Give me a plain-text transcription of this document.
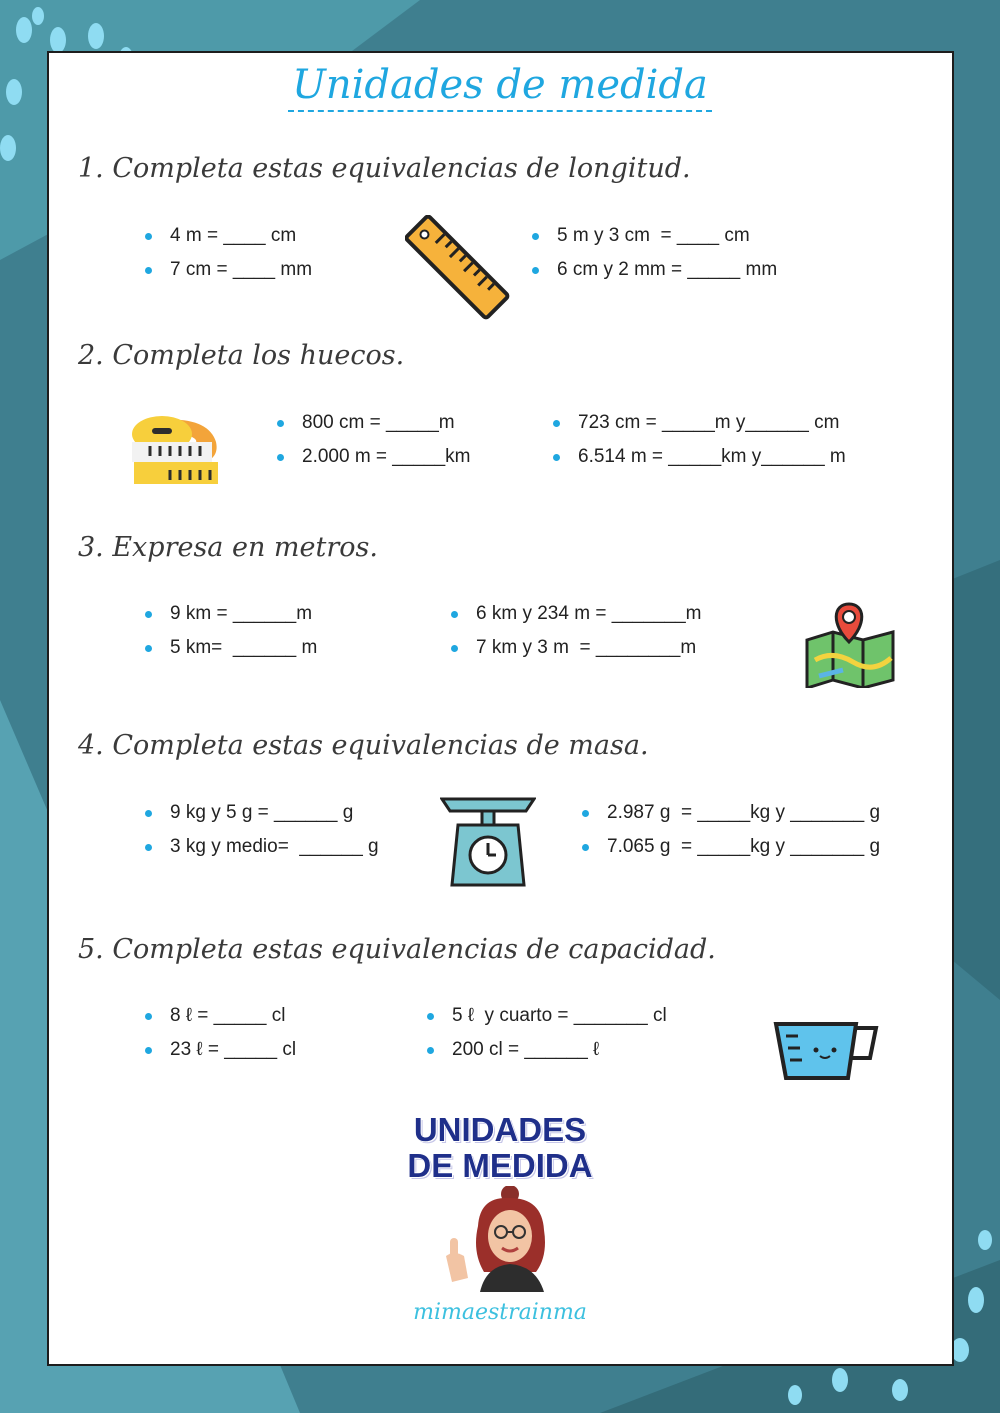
Unidades de medida
1. Completa estas equivalencias de longitud.
4 m = ____ cm
7 cm = ____ mm
5 m y 3 cm  = ____ cm
6 cm y 2 mm = _____ mm
2. Completa los huecos.
800 cm = _____m
2.000 m = _____km
723 cm = _____m y______ cm
6.514 m = _____km y______ m
3. Expresa en metros.
9 km = ______m
5 km=  ______ m
6 km y 234 m = _______m
7 km y 3 m  = ________m
4. Completa estas equivalencias de masa.
9 kg y 5 g = ______ g
3 kg y medio=  ______ g
2.987 g  = _____kg y _______ g
7.065 g  = _____kg y _______ g
5. Completa estas equivalencias de capacidad.
8 ℓ = _____ cl
23 ℓ = _____ cl
5 ℓ  y cuarto = _______ cl
200 cl = ______ ℓ
UNIDADES
DE MEDIDA
mimaestrainma
